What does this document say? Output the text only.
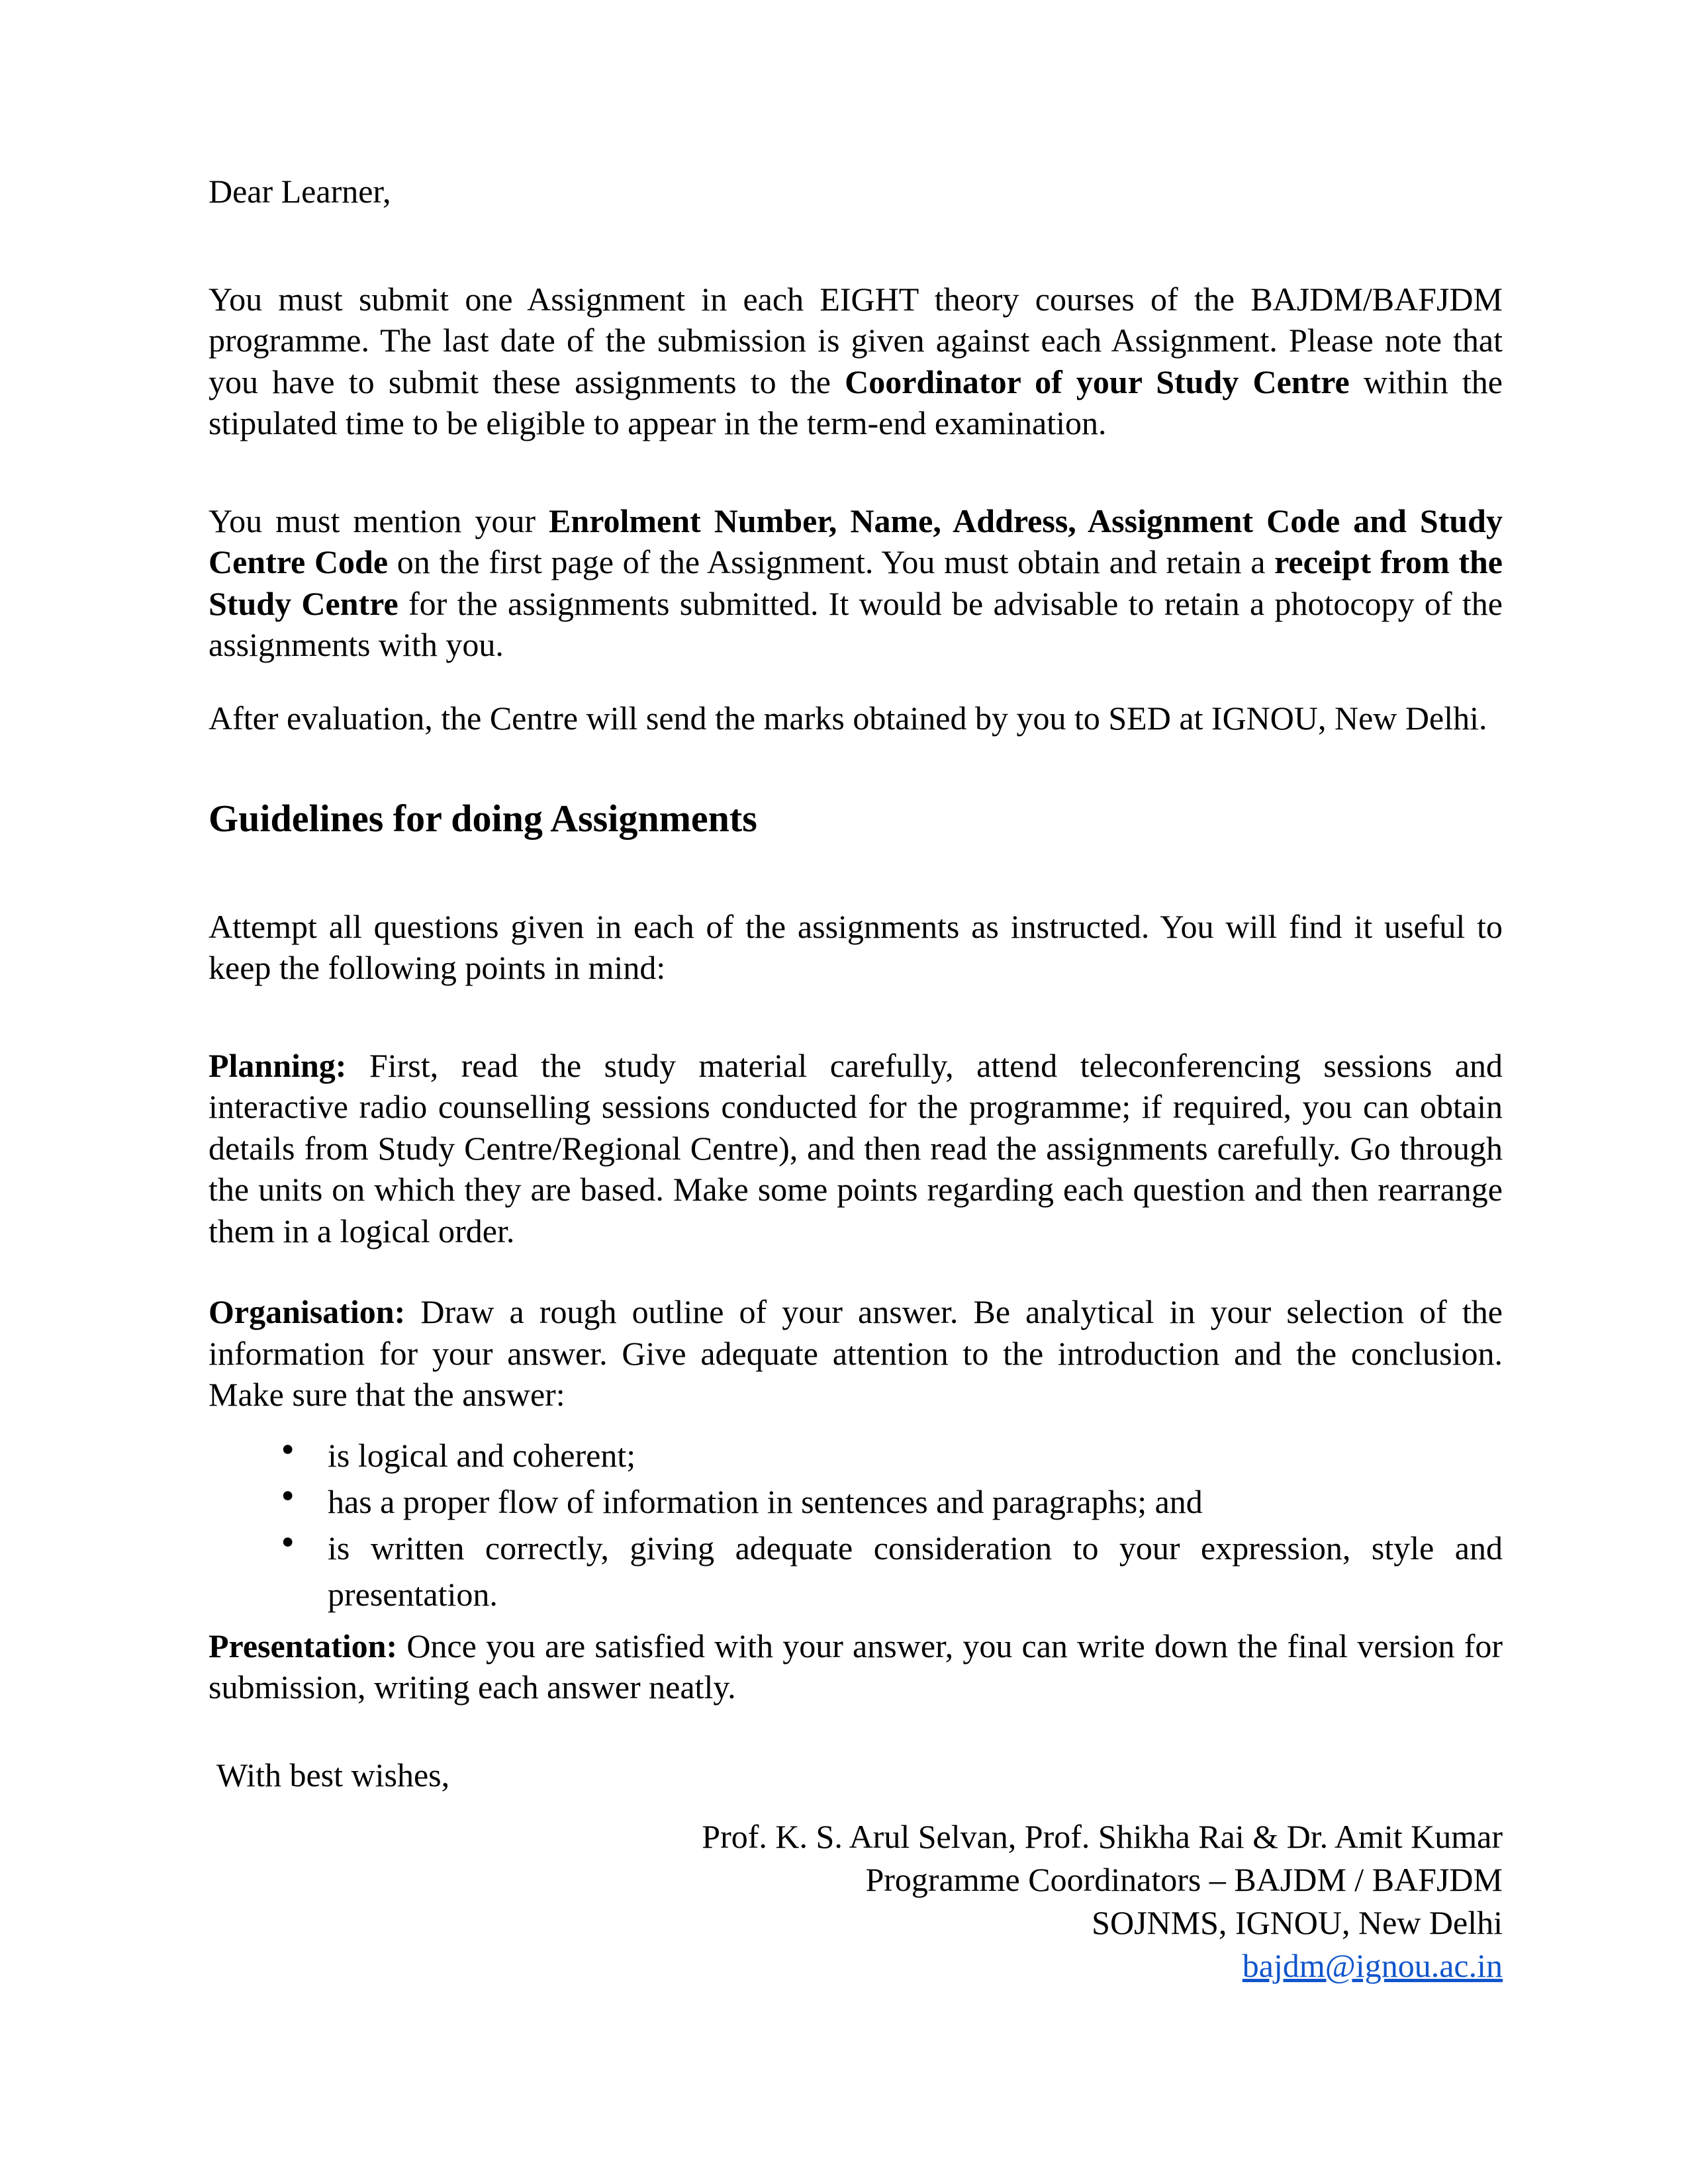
Dear Learner,

You must submit one Assignment in each EIGHT theory courses of the BAJDM/BAFJDM programme. The last date of the submission is given against each Assignment. Please note that you have to submit these assignments to the Coordinator of your Study Centre within the stipulated time to be eligible to appear in the term-end examination.

You must mention your Enrolment Number, Name, Address, Assignment Code and Study Centre Code on the first page of the Assignment. You must obtain and retain a receipt from the Study Centre for the assignments submitted. It would be advisable to retain a photocopy of the assignments with you.

After evaluation, the Centre will send the marks obtained by you to SED at IGNOU, New Delhi.

Guidelines for doing Assignments

Attempt all questions given in each of the assignments as instructed. You will find it useful to keep the following points in mind:

Planning: First, read the study material carefully, attend teleconferencing sessions and interactive radio counselling sessions conducted for the programme; if required, you can obtain details from Study Centre/Regional Centre), and then read the assignments carefully. Go through the units on which they are based. Make some points regarding each question and then rearrange them in a logical order.

Organisation: Draw a rough outline of your answer. Be analytical in your selection of the information for your answer. Give adequate attention to the introduction and the conclusion. Make sure that the answer:

● is logical and coherent;
● has a proper flow of information in sentences and paragraphs; and
● is written correctly, giving adequate consideration to your expression, style and presentation.

Presentation: Once you are satisfied with your answer, you can write down the final version for submission, writing each answer neatly.

With best wishes,

Prof. K. S. Arul Selvan, Prof. Shikha Rai & Dr. Amit Kumar

Programme Coordinators – BAJDM / BAFJDM

SOJNMS, IGNOU, New Delhi

bajdm@ignou.ac.in
